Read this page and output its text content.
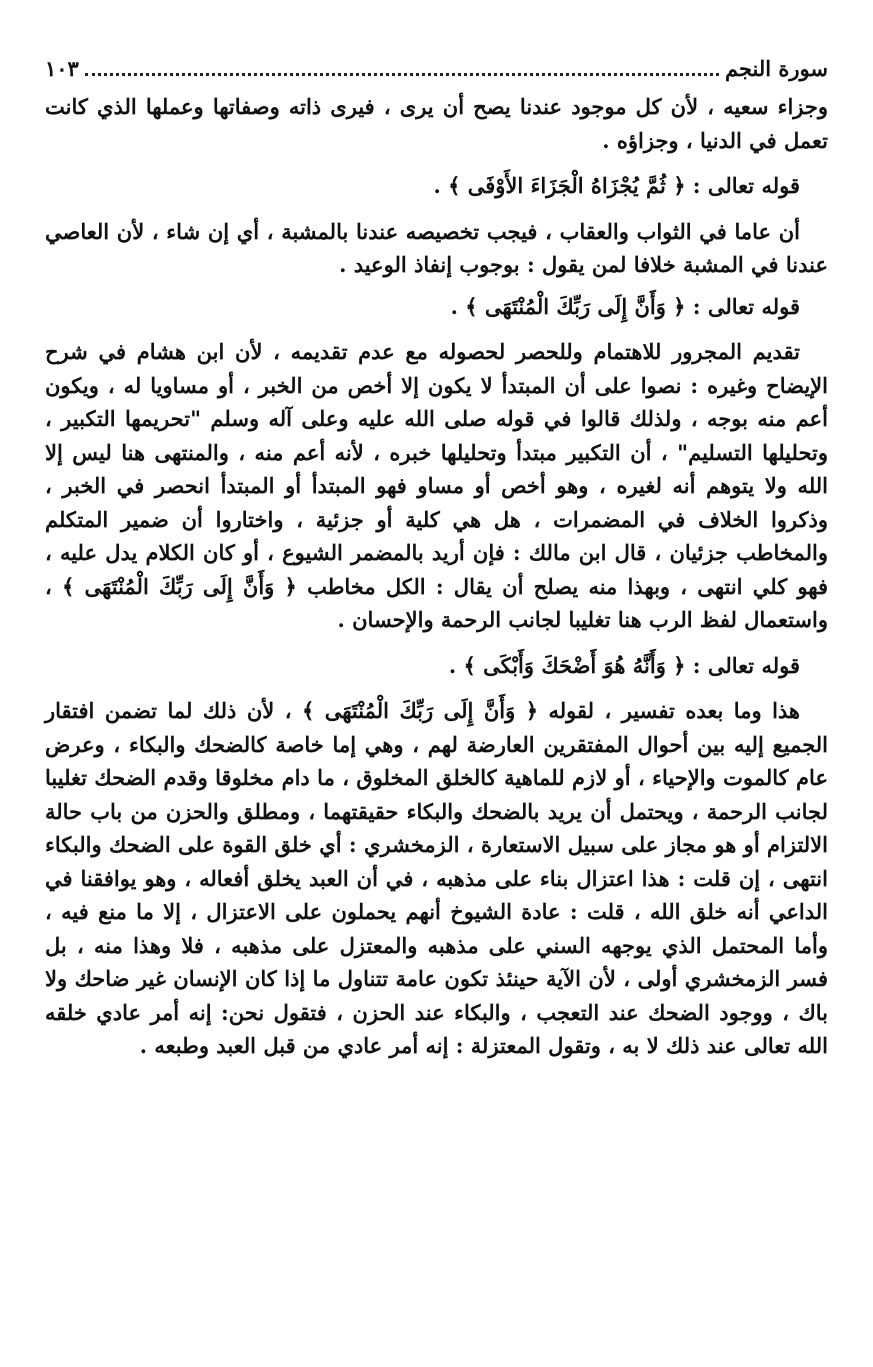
سورة النجم
١٠٣

وجزاء سعيه ، لأن كل موجود عندنا يصح أن يرى ، فيرى ذاته وصفاتها وعملها الذي كانت تعمل في الدنيا ، وجزاؤه .

قوله تعالى : ﴿ ثُمَّ يُجْزَاهُ الْجَزَاءَ الأَوْفَى ﴾ .

أن عاما في الثواب والعقاب ، فيجب تخصيصه عندنا بالمشبة ، أي إن شاء ، لأن العاصي عندنا في المشبة خلافا لمن يقول : بوجوب إنفاذ الوعيد .

قوله تعالى : ﴿ وَأَنَّ إِلَى رَبِّكَ الْمُنْتَهَى ﴾ .

تقديم المجرور للاهتمام وللحصر لحصوله مع عدم تقديمه ، لأن ابن هشام في شرح الإيضاح وغيره : نصوا على أن المبتدأ لا يكون إلا أخص من الخبر ، أو مساويا له ، ويكون أعم منه بوجه ، ولذلك قالوا في قوله صلى الله عليه وعلى آله وسلم "تحريمها التكبير ، وتحليلها التسليم" ، أن التكبير مبتدأ وتحليلها خبره ، لأنه أعم منه ، والمنتهى هنا ليس إلا الله ولا يتوهم أنه لغيره ، وهو أخص أو مساو فهو المبتدأ أو المبتدأ انحصر في الخبر ، وذكروا الخلاف في المضمرات ، هل هي كلية أو جزئية ، واختاروا أن ضمير المتكلم والمخاطب جزئيان ، قال ابن مالك : فإن أريد بالمضمر الشيوع ، أو كان الكلام يدل عليه ، فهو كلي انتهى ، وبهذا منه يصلح أن يقال : الكل مخاطب ﴿ وَأَنَّ إِلَى رَبِّكَ الْمُنْتَهَى ﴾ ، واستعمال لفظ الرب هنا تغليبا لجانب الرحمة والإحسان .

قوله تعالى : ﴿ وَأَنَّهُ هُوَ أَضْحَكَ وَأَبْكَى ﴾ .

هذا وما بعده تفسير ، لقوله ﴿ وَأَنَّ إِلَى رَبِّكَ الْمُنْتَهَى ﴾ ، لأن ذلك لما تضمن افتقار الجميع إليه بين أحوال المفتقرين العارضة لهم ، وهي إما خاصة كالضحك والبكاء ، وعرض عام كالموت والإحياء ، أو لازم للماهية كالخلق المخلوق ، ما دام مخلوقا وقدم الضحك تغليبا لجانب الرحمة ، ويحتمل أن يريد بالضحك والبكاء حقيقتهما ، ومطلق والحزن من باب حالة الالتزام أو هو مجاز على سبيل الاستعارة ، الزمخشري : أي خلق القوة على الضحك والبكاء انتهى ، إن قلت : هذا اعتزال بناء على مذهبه ، في أن العبد يخلق أفعاله ، وهو يوافقنا في الداعي أنه خلق الله ، قلت : عادة الشيوخ أنهم يحملون على الاعتزال ، إلا ما منع فيه ، وأما المحتمل الذي يوجهه السني على مذهبه والمعتزل على مذهبه ، فلا وهذا منه ، بل فسر الزمخشري أولى ، لأن الآية حينئذ تكون عامة تتناول ما إذا كان الإنسان غير ضاحك ولا باك ، ووجود الضحك عند التعجب ، والبكاء عند الحزن ، فتقول نحن: إنه أمر عادي خلقه الله تعالى عند ذلك لا به ، وتقول المعتزلة : إنه أمر عادي من قبل العبد وطبعه .
